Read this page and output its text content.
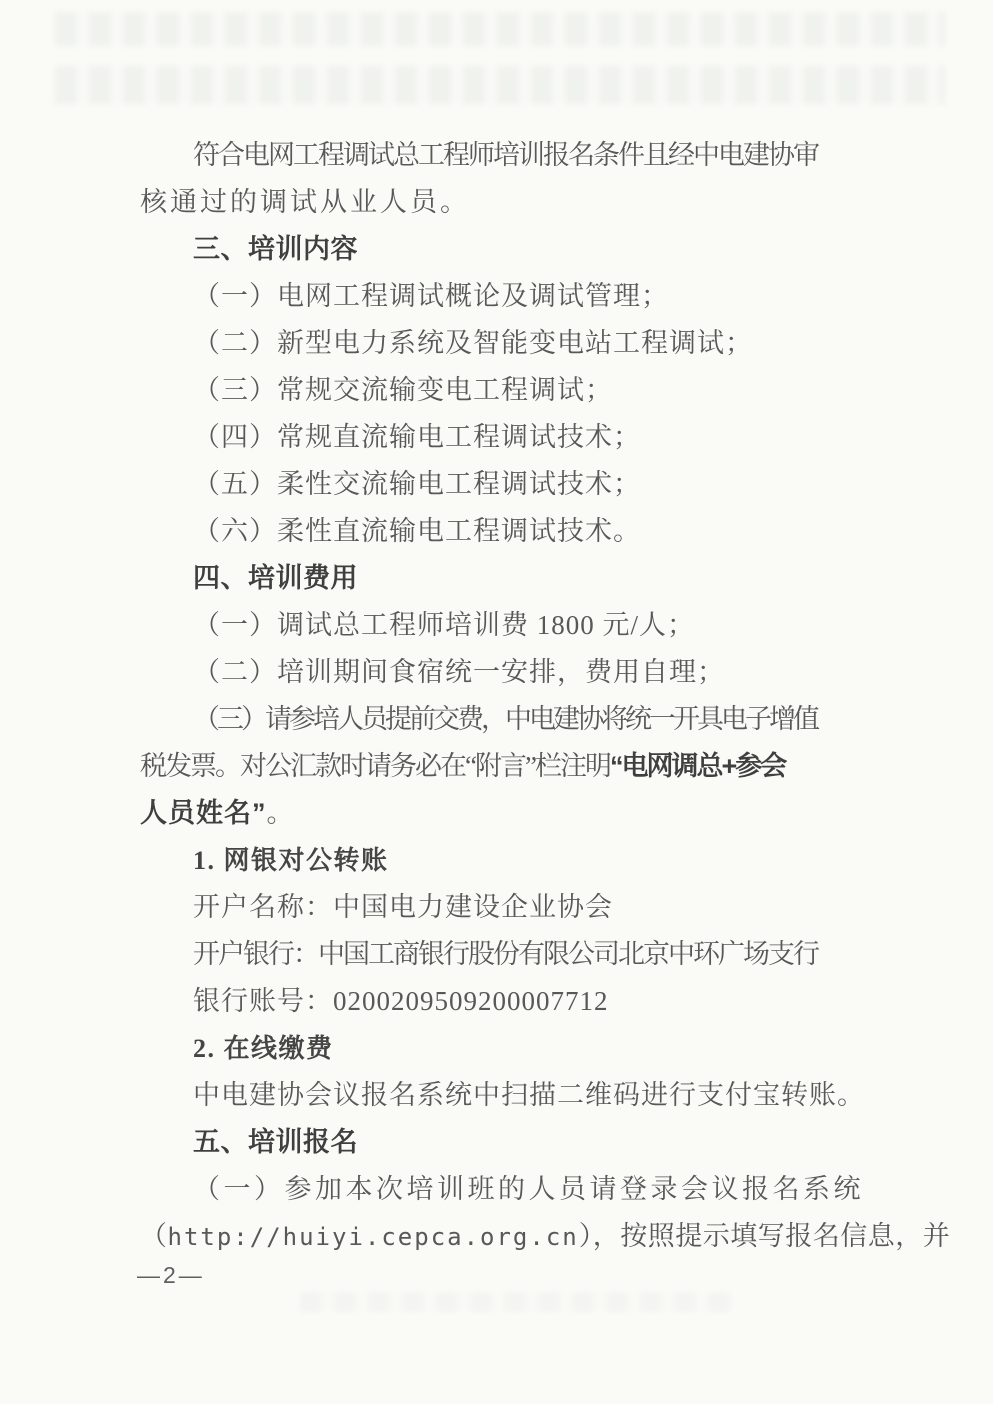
符合电网工程调试总工程师培训报名条件且经中电建协审
核通过的调试从业人员。
三、培训内容
（一）电网工程调试概论及调试管理；
（二）新型电力系统及智能变电站工程调试；
（三）常规交流输变电工程调试；
（四）常规直流输电工程调试技术；
（五）柔性交流输电工程调试技术；
（六）柔性直流输电工程调试技术。
四、培训费用
（一）调试总工程师培训费 1800 元/人；
（二）培训期间食宿统一安排，费用自理；
（三）请参培人员提前交费，中电建协将统一开具电子增值
税发票。对公汇款时请务必在“附言”栏注明“电网调总+参会
人员姓名”。
1. 网银对公转账
开户名称：中国电力建设企业协会
开户银行：中国工商银行股份有限公司北京中环广场支行
银行账号：0200209509200007712
2. 在线缴费
中电建协会议报名系统中扫描二维码进行支付宝转账。
五、培训报名
（一）参加本次培训班的人员请登录会议报名系统
（http://huiyi.cepca.org.cn），按照提示填写报名信息，并
—2—
